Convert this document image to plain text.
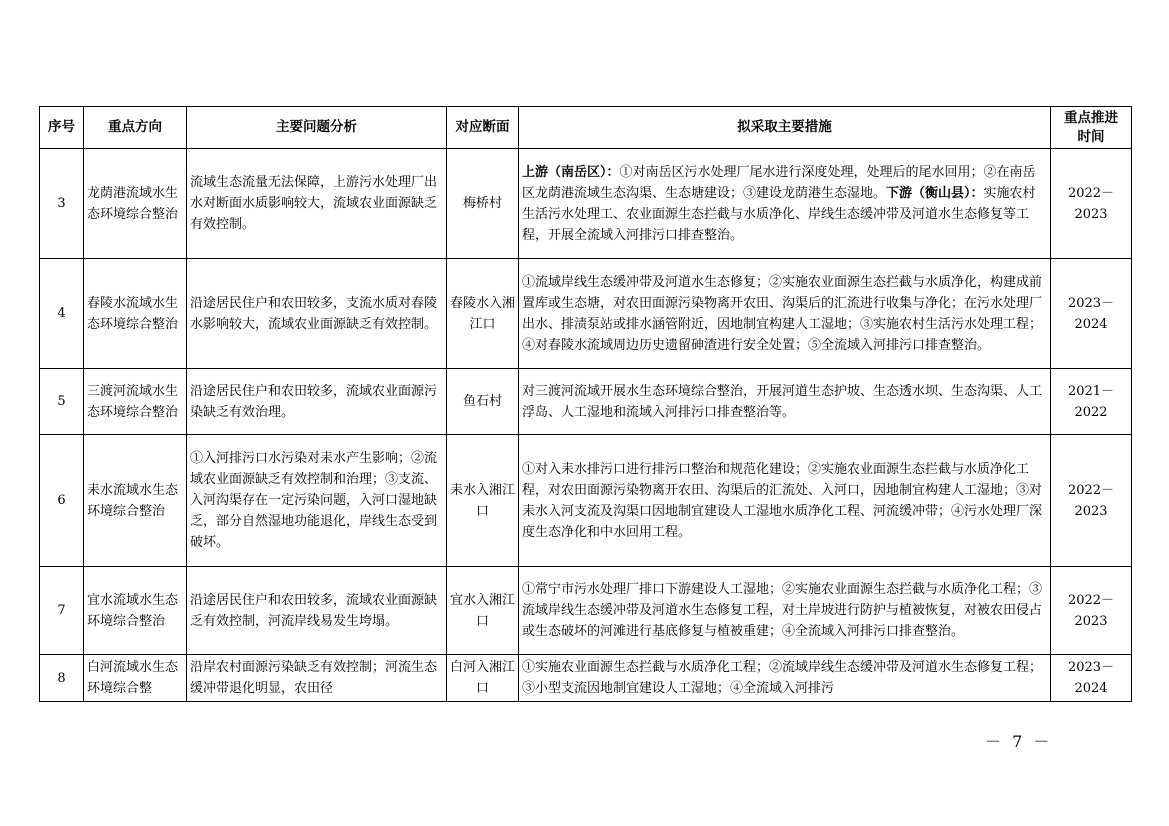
序号	重点方向	主要问题分析	对应断面	拟采取主要措施	重点推进
时间

3	龙荫港流域水生态环境综合整治	流域生态流量无法保障，上游污水处理厂出水对断面水质影响较大，流域农业面源缺乏有效控制。	梅桥村	上游（南岳区）：①对南岳区污水处理厂尾水进行深度处理，处理后的尾水回用；②在南岳区龙荫港流域生态沟渠、生态塘建设；③建设龙荫港生态湿地。下游（衡山县）：实施农村生活污水处理工、农业面源生态拦截与水质净化、岸线生态缓冲带及河道水生态修复等工程，开展全流域入河排污口排查整治。	2022－
2023

4	春陵水流域水生态环境综合整治	沿途居民住户和农田较多，支流水质对春陵水影响较大，流域农业面源缺乏有效控制。	春陵水入湘江口	①流域岸线生态缓冲带及河道水生态修复；②实施农业面源生态拦截与水质净化，构建成前置库或生态塘，对农田面源污染物离开农田、沟渠后的汇流进行收集与净化；在污水处理厂出水、排渍泵站或排水涵管附近，因地制宜构建人工湿地；③实施农村生活污水处理工程；④对春陵水流域周边历史遗留砷渣进行安全处置；⑤全流域入河排污口排查整治。	2023－
2024

5	三渡河流域水生态环境综合整治	沿途居民住户和农田较多，流域农业面源污染缺乏有效治理。	鱼石村	对三渡河流域开展水生态环境综合整治，开展河道生态护坡、生态透水坝、生态沟渠、人工浮岛、人工湿地和流域入河排污口排查整治等。	2021－
2022

6	耒水流域水生态环境综合整治	①入河排污口水污染对耒水产生影响；②流域农业面源缺乏有效控制和治理；③支流、入河沟渠存在一定污染问题，入河口湿地缺乏，部分自然湿地功能退化，岸线生态受到破坏。	耒水入湘江口	①对入耒水排污口进行排污口整治和规范化建设；②实施农业面源生态拦截与水质净化工程，对农田面源污染物离开农田、沟渠后的汇流处、入河口，因地制宜构建人工湿地；③对耒水入河支流及沟渠口因地制宜建设人工湿地水质净化工程、河流缓冲带；④污水处理厂深度生态净化和中水回用工程。	2022－
2023

7	宜水流域水生态环境综合整治	沿途居民住户和农田较多，流域农业面源缺乏有效控制，河流岸线易发生垮塌。	宜水入湘江口	①常宁市污水处理厂排口下游建设人工湿地；②实施农业面源生态拦截与水质净化工程；③流域岸线生态缓冲带及河道水生态修复工程，对土岸坡进行防护与植被恢复，对被农田侵占或生态破坏的河滩进行基底修复与植被重建；④全流域入河排污口排查整治。	2022－
2023

8	白河流域水生态环境综合整	沿岸农村面源污染缺乏有效控制；河流生态缓冲带退化明显，农田径	白河入湘江口	①实施农业面源生态拦截与水质净化工程；②流域岸线生态缓冲带及河道水生态修复工程；③小型支流因地制宜建设人工湿地；④全流域入河排污	2023－
2024
－ 7 －
